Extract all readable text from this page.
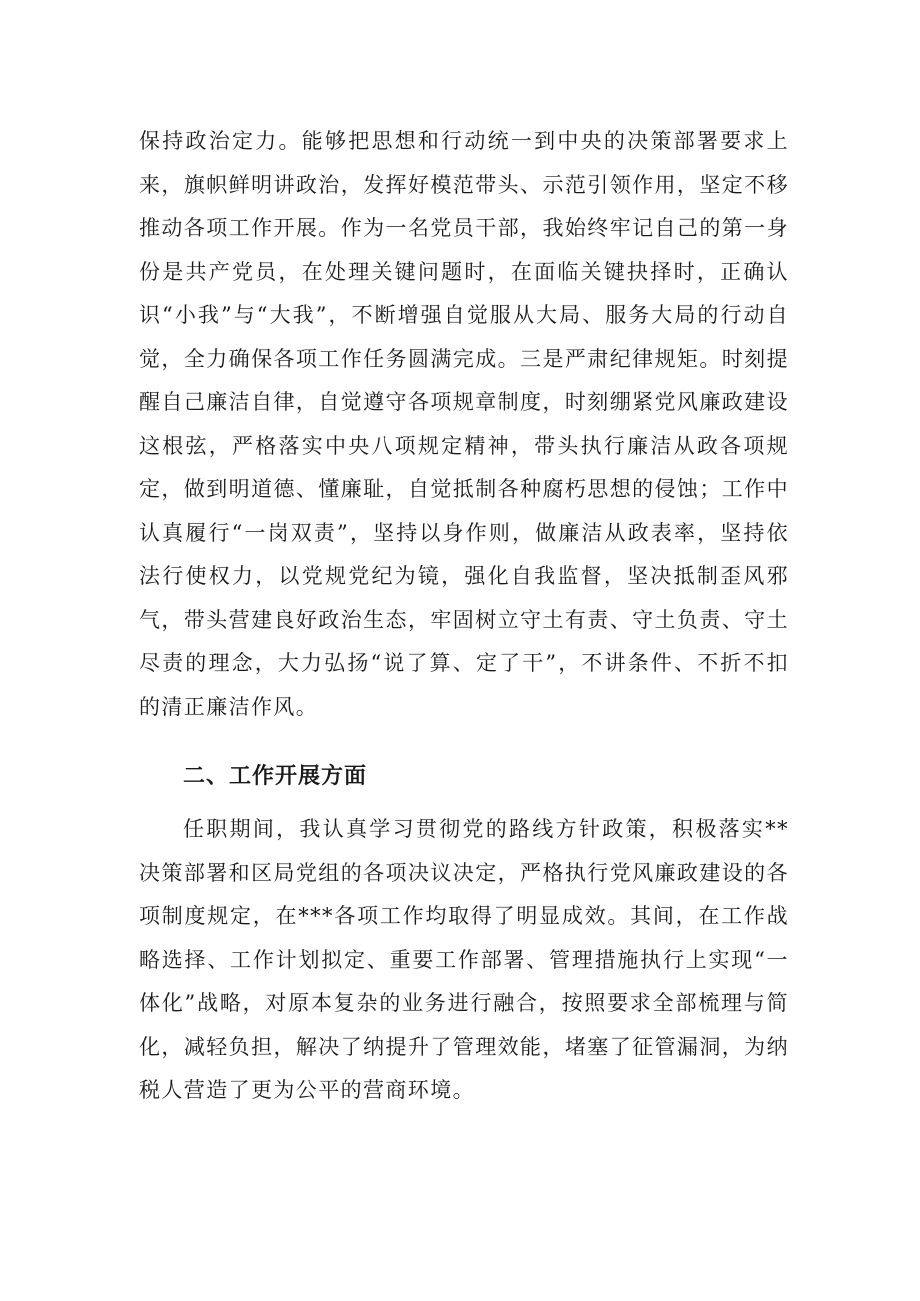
保持政治定力。能够把思想和行动统一到中央的决策部署要求上来，旗帜鲜明讲政治，发挥好模范带头、示范引领作用，坚定不移推动各项工作开展。作为一名党员干部，我始终牢记自己的第一身份是共产党员，在处理关键问题时，在面临关键抉择时，正确认识“小我”与“大我”，不断增强自觉服从大局、服务大局的行动自觉，全力确保各项工作任务圆满完成。三是严肃纪律规矩。时刻提醒自己廉洁自律，自觉遵守各项规章制度，时刻绷紧党风廉政建设这根弦，严格落实中央八项规定精神，带头执行廉洁从政各项规定，做到明道德、懂廉耻，自觉抵制各种腐朽思想的侵蚀；工作中认真履行“一岗双责”，坚持以身作则，做廉洁从政表率，坚持依法行使权力，以党规党纪为镜，强化自我监督，坚决抵制歪风邪气，带头营建良好政治生态，牢固树立守土有责、守土负责、守土尽责的理念，大力弘扬“说了算、定了干”，不讲条件、不折不扣的清正廉洁作风。

二、工作开展方面

任职期间，我认真学习贯彻党的路线方针政策，积极落实**决策部署和区局党组的各项决议决定，严格执行党风廉政建设的各项制度规定，在***各项工作均取得了明显成效。其间，在工作战略选择、工作计划拟定、重要工作部署、管理措施执行上实现“一体化”战略，对原本复杂的业务进行融合，按照要求全部梳理与简化，减轻负担，解决了纳提升了管理效能，堵塞了征管漏洞，为纳税人营造了更为公平的营商环境。
